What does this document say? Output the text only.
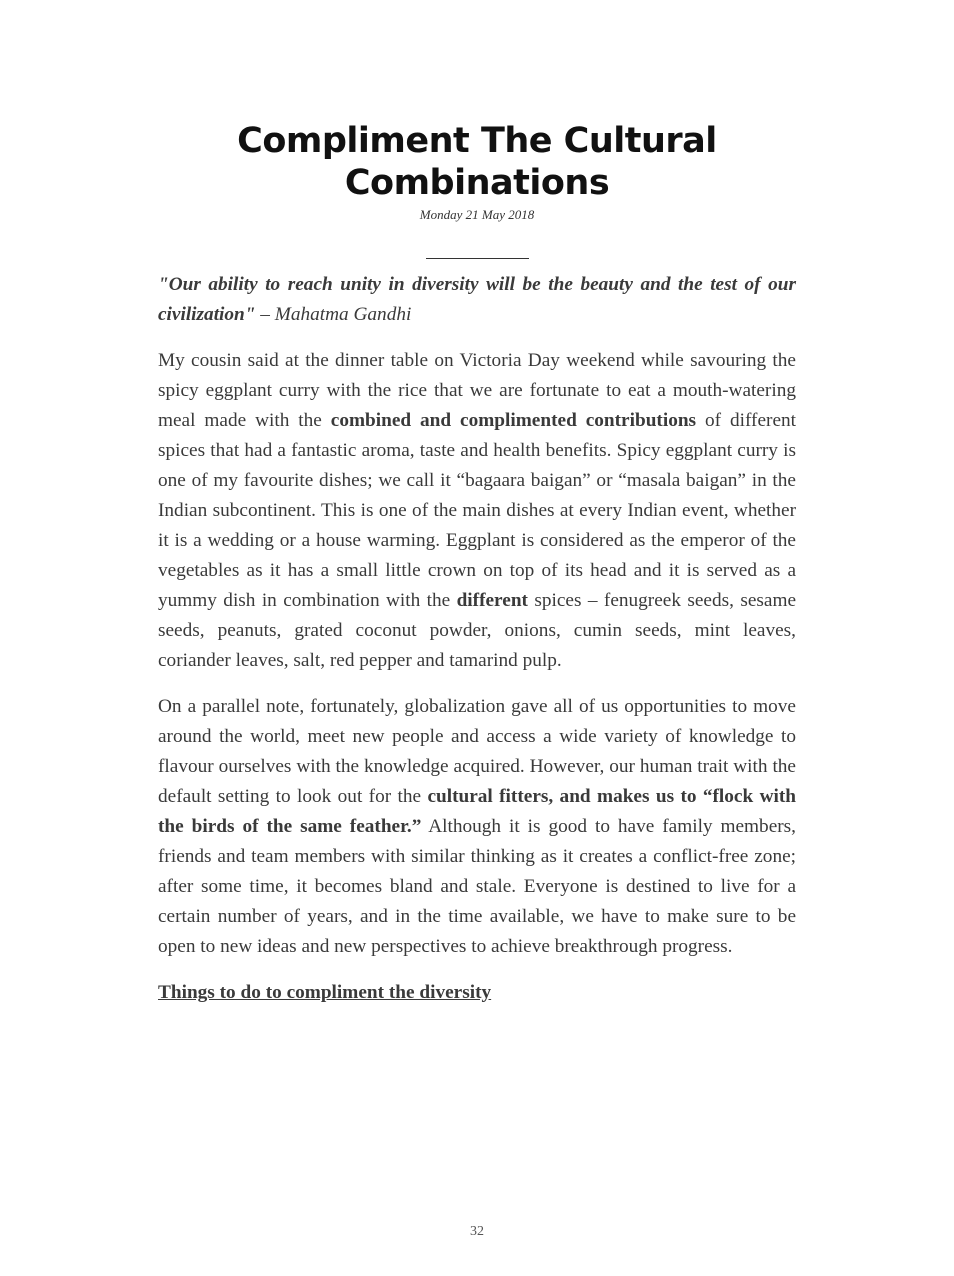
Compliment The Cultural
Combinations
Monday 21 May 2018

"Our ability to reach unity in diversity will be the beauty and the test of our civilization" – Mahatma Gandhi

My cousin said at the dinner table on Victoria Day weekend while savouring the spicy eggplant curry with the rice that we are fortunate to eat a mouth-watering meal made with the combined and complimented contributions of different spices that had a fantastic aroma, taste and health benefits. Spicy eggplant curry is one of my favourite dishes; we call it “bagaara baigan” or “masala baigan” in the Indian subcontinent. This is one of the main dishes at every Indian event, whether it is a wedding or a house warming. Eggplant is considered as the emperor of the vegetables as it has a small little crown on top of its head and it is served as a yummy dish in combination with the different spices – fenugreek seeds, sesame seeds, peanuts, grated coconut powder, onions, cumin seeds, mint leaves, coriander leaves, salt, red pepper and tamarind pulp.

On a parallel note, fortunately, globalization gave all of us opportunities to move around the world, meet new people and access a wide variety of knowledge to flavour ourselves with the knowledge acquired. However, our human trait with the default setting to look out for the cultural fitters, and makes us to “flock with the birds of the same feather.” Although it is good to have family members, friends and team members with similar thinking as it creates a conflict-free zone; after some time, it becomes bland and stale. Everyone is destined to live for a certain number of years, and in the time available, we have to make sure to be open to new ideas and new perspectives to achieve breakthrough progress.

Things to do to compliment the diversity

32
